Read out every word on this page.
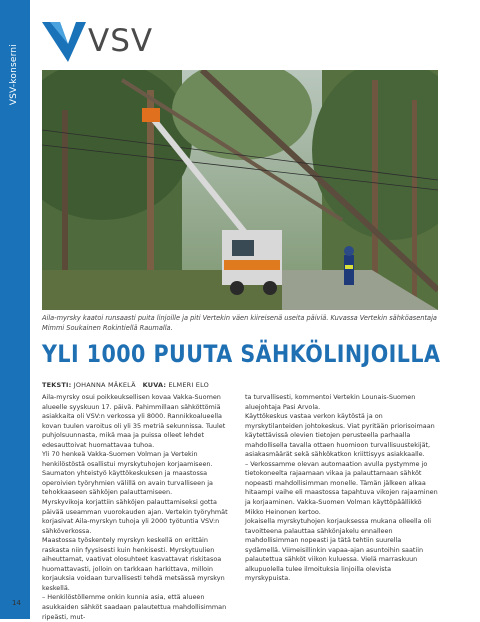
VSV-konserni
VSV
Aila-myrsky kaatoi runsaasti puita linjoille ja piti Vertekin väen kiireisenä useita päiviä. Kuvassa Vertekin sähköasentaja Mimmi Soukainen Rokintiellä Raumalla.
YLI 1000 PUUTA SÄHKÖLINJOILLA
TEKSTI: JOHANNA MÄKELÄ KUVA: ELMERI ELO

Aila-myrsky osui poikkeuksellisen kovaa Vakka-Suomen alueelle syyskuun 17. päivä. Pahimmillaan sähköttömiä asiakkaita oli VSV:n verkossa yli 8000. Rannikkoalueella kovan tuulen varoitus oli yli 35 metriä sekunnissa. Tuulet puhjolsuunnasta, mikä maa ja puissa olleet lehdet edesauttoivat huomattavaa tuhoa.

Yli 70 henkeä Vakka-Suomen Volman ja Vertekin henkilöstöstä osallistui myrskytuhojen korjaamiseen. Saumaton yhteistyö käyttökeskuksen ja maastossa operoivien työryhmien välillä on avain turvalliseen ja tehokkaaseen sähköjen palauttamiseen.

Myrskyvikoja korjattiin sähköjen palauttamiseksi gotta päivää useamman vuorokauden ajan. Vertekin työryhmät korjasivat Aila-myrskyn tuhoja yli 2000 työtuntia VSV:n sähköverkossa.

Maastossa työskentely myrskyn keskellä on erittäin raskasta niin fyysisesti kuin henkisesti. Myrskytuulien aiheuttamat, vaativat olosuhteet kasvattavat riskitasoa huomattavasti, jolloin on tarkkaan harkittava, milloin korjauksia voidaan turvallisesti tehdä metsässä myrskyn keskellä.

– Henkilöstöllemme onkin kunnia asia, että alueen asukkaiden sähköt saadaan palautettua mahdollisimman ripeästi, mut-

ta turvallisesti, kommentoi Vertekin Lounais-Suomen aluejohtaja Pasi Arvola.

Käyttökeskus vastaa verkon käytöstä ja on myrskytilanteiden johtokeskus. Viat pyritään priorisoimaan käytettävissä olevien tietojen perusteella parhaalla mahdollisella tavalla ottaen huomioon turvallisuustekijät, asiakasmäärät sekä sähkökatkon kriittisyys asiakkaalle.

– Verkossamme olevan automaation avulla pystymme jo tietokoneelta rajaamaan vikaa ja palauttamaan sähköt nopeasti mahdollisimman monelle. Tämän jälkeen alkaa hitaampi vaihe eli maastossa tapahtuva vikojen rajaaminen ja korjaaminen. Vakka-Suomen Volman käyttöpäällikkö Mikko Heinonen kertoo.

Jokaisella myrskytuhojen korjauksessa mukana olleella oli tavoitteena palauttaa sähkönjakelu ennalleen mahdollisimman nopeasti ja tätä tehtiin suurella sydämellä. Viimeisillinkin vapaa-ajan asuntoihin saatiin palautettua sähköt viikon kuluessa. Vielä marraskuun alkupuolella tulee ilmoituksia linjoilla olevista myrskypuista.

14
